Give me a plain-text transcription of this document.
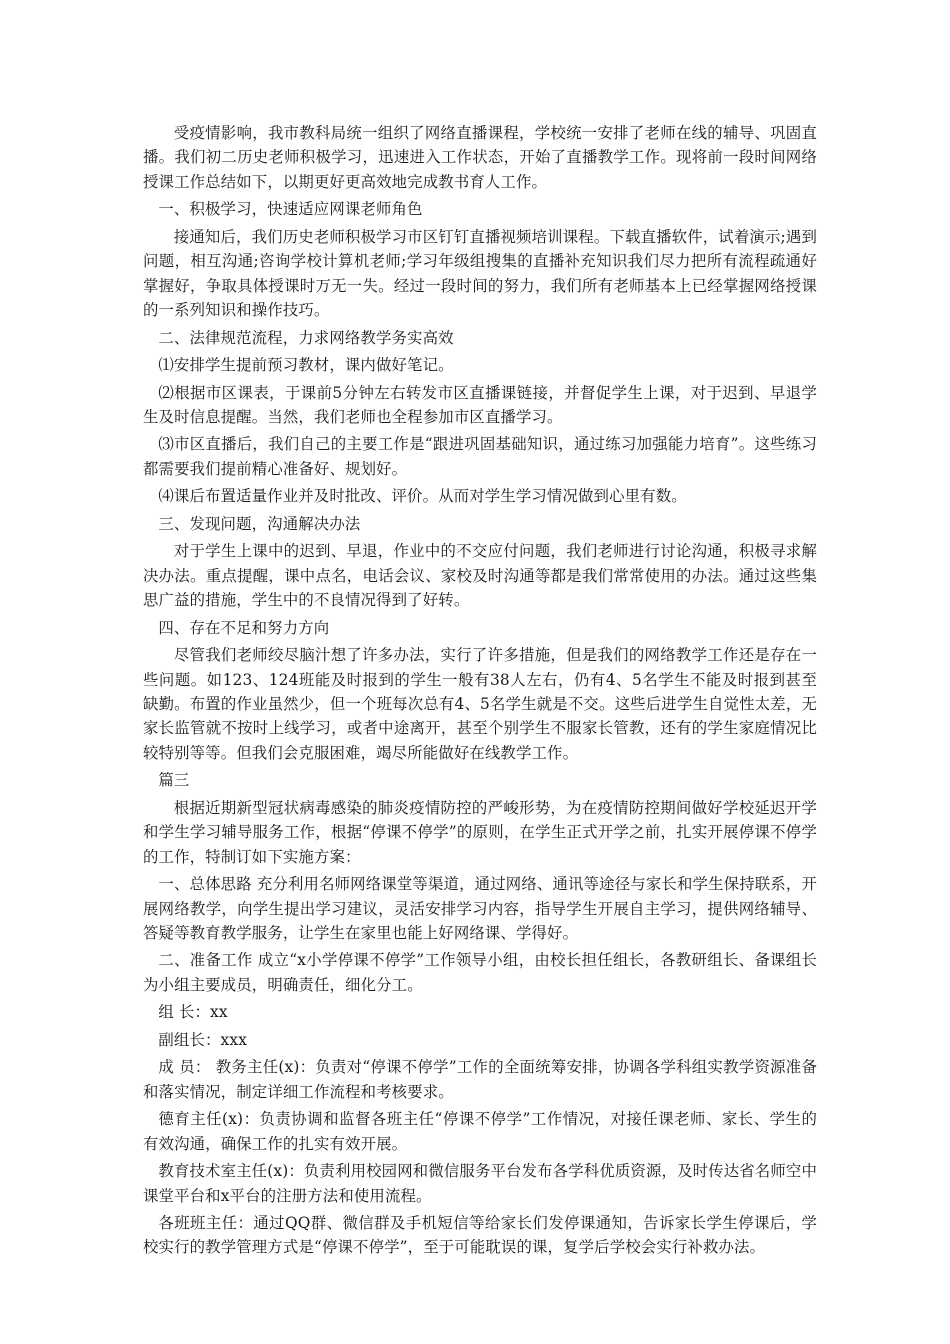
受疫情影响，我市教科局统一组织了网络直播课程，学校统一安排了老师在线的辅导、巩固直播。我们初二历史老师积极学习，迅速进入工作状态，开始了直播教学工作。现将前一段时间网络授课工作总结如下，以期更好更高效地完成教书育人工作。

一、积极学习，快速适应网课老师角色

接通知后，我们历史老师积极学习市区钉钉直播视频培训课程。下载直播软件，试着演示;遇到问题，相互沟通;咨询学校计算机老师;学习年级组搜集的直播补充知识我们尽力把所有流程疏通好掌握好，争取具体授课时万无一失。经过一段时间的努力，我们所有老师基本上已经掌握网络授课的一系列知识和操作技巧。

二、法律规范流程，力求网络教学务实高效

⑴安排学生提前预习教材，课内做好笔记。

⑵根据市区课表，于课前5分钟左右转发市区直播课链接，并督促学生上课，对于迟到、早退学生及时信息提醒。当然，我们老师也全程参加市区直播学习。

⑶市区直播后，我们自己的主要工作是“跟进巩固基础知识，通过练习加强能力培育”。这些练习都需要我们提前精心准备好、规划好。

⑷课后布置适量作业并及时批改、评价。从而对学生学习情况做到心里有数。

三、发现问题，沟通解决办法

对于学生上课中的迟到、早退，作业中的不交应付问题，我们老师进行讨论沟通，积极寻求解决办法。重点提醒，课中点名，电话会议、家校及时沟通等都是我们常常使用的办法。通过这些集思广益的措施，学生中的不良情况得到了好转。

四、存在不足和努力方向

尽管我们老师绞尽脑汁想了许多办法，实行了许多措施，但是我们的网络教学工作还是存在一些问题。如123、124班能及时报到的学生一般有38人左右，仍有4、5名学生不能及时报到甚至缺勤。布置的作业虽然少，但一个班每次总有4、5名学生就是不交。这些后进学生自觉性太差，无家长监管就不按时上线学习，或者中途离开，甚至个别学生不服家长管教，还有的学生家庭情况比较特别等等。但我们会克服困难，竭尽所能做好在线教学工作。

篇三

根据近期新型冠状病毒感染的肺炎疫情防控的严峻形势，为在疫情防控期间做好学校延迟开学和学生学习辅导服务工作，根据“停课不停学”的原则，在学生正式开学之前，扎实开展停课不停学的工作，特制订如下实施方案：

一、总体思路 充分利用名师网络课堂等渠道，通过网络、通讯等途径与家长和学生保持联系，开展网络教学，向学生提出学习建议，灵活安排学习内容，指导学生开展自主学习，提供网络辅导、答疑等教育教学服务，让学生在家里也能上好网络课、学得好。

二、准备工作 成立“x小学停课不停学”工作领导小组，由校长担任组长，各教研组长、备课组长为小组主要成员，明确责任，细化分工。

组 长：xx

副组长：xxx

成 员： 教务主任(x)：负责对“停课不停学”工作的全面统筹安排，协调各学科组实教学资源准备和落实情况，制定详细工作流程和考核要求。

德育主任(x)：负责协调和监督各班主任“停课不停学”工作情况，对接任课老师、家长、学生的有效沟通，确保工作的扎实有效开展。

教育技术室主任(x)：负责利用校园网和微信服务平台发布各学科优质资源，及时传达省名师空中课堂平台和x平台的注册方法和使用流程。

各班班主任：通过QQ群、微信群及手机短信等给家长们发停课通知，告诉家长学生停课后，学校实行的教学管理方式是“停课不停学”，至于可能耽误的课，复学后学校会实行补救办法。
